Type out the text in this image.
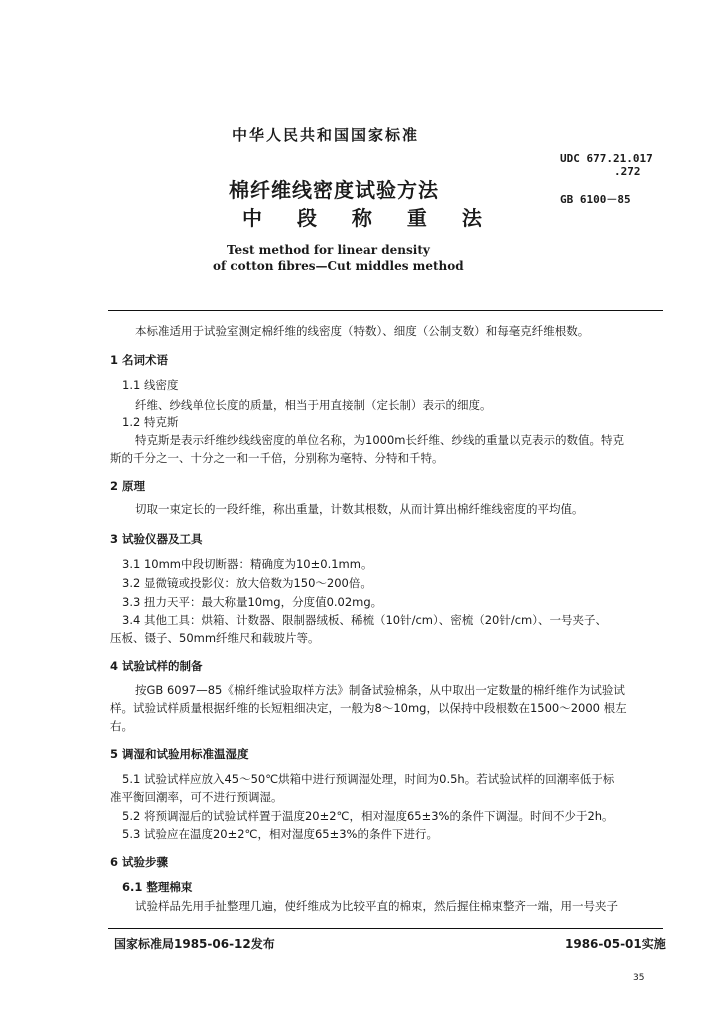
中华人民共和国国家标准
棉纤维线密度试验方法
中 段 称 重 法
UDC 677.21.017
.272
GB 6100－85
Test method for linear density
of cotton fibres—Cut middles method
本标准适用于试验室测定棉纤维的线密度（特数）、细度（公制支数）和每毫克纤维根数。
1 名词术语
1.1 线密度
纤维、纱线单位长度的质量，相当于用直接制（定长制）表示的细度。
1.2 特克斯
特克斯是表示纤维纱线线密度的单位名称，为1000m长纤维、纱线的重量以克表示的数值。特克
斯的千分之一、十分之一和一千倍，分别称为毫特、分特和千特。
2 原理
切取一束定长的一段纤维，称出重量，计数其根数，从而计算出棉纤维线密度的平均值。
3 试验仪器及工具
3.1 10mm中段切断器：精确度为10±0.1mm。
3.2 显微镜或投影仪：放大倍数为150～200倍。
3.3 扭力天平：最大称量10mg，分度值0.02mg。
3.4 其他工具：烘箱、计数器、限制器绒板、稀梳（10针/cm）、密梳（20针/cm）、一号夹子、
压板、镊子、50mm纤维尺和载玻片等。
4 试验试样的制备
按GB 6097—85《棉纤维试验取样方法》制备试验棉条，从中取出一定数量的棉纤维作为试验试
样。试验试样质量根据纤维的长短粗细决定，一般为8～10mg，以保持中段根数在1500～2000 根左
右。
5 调湿和试验用标准温湿度
5.1 试验试样应放入45～50℃烘箱中进行预调湿处理，时间为0.5h。若试验试样的回潮率低于标
准平衡回潮率，可不进行预调湿。
5.2 将预调湿后的试验试样置于温度20±2℃，相对湿度65±3%的条件下调湿。时间不少于2h。
5.3 试验应在温度20±2℃，相对湿度65±3%的条件下进行。
6 试验步骤
6.1 整理棉束
试验样品先用手扯整理几遍，使纤维成为比较平直的棉束，然后握住棉束整齐一端，用一号夹子
国家标准局1985-06-12发布	1986-05-01实施
35
